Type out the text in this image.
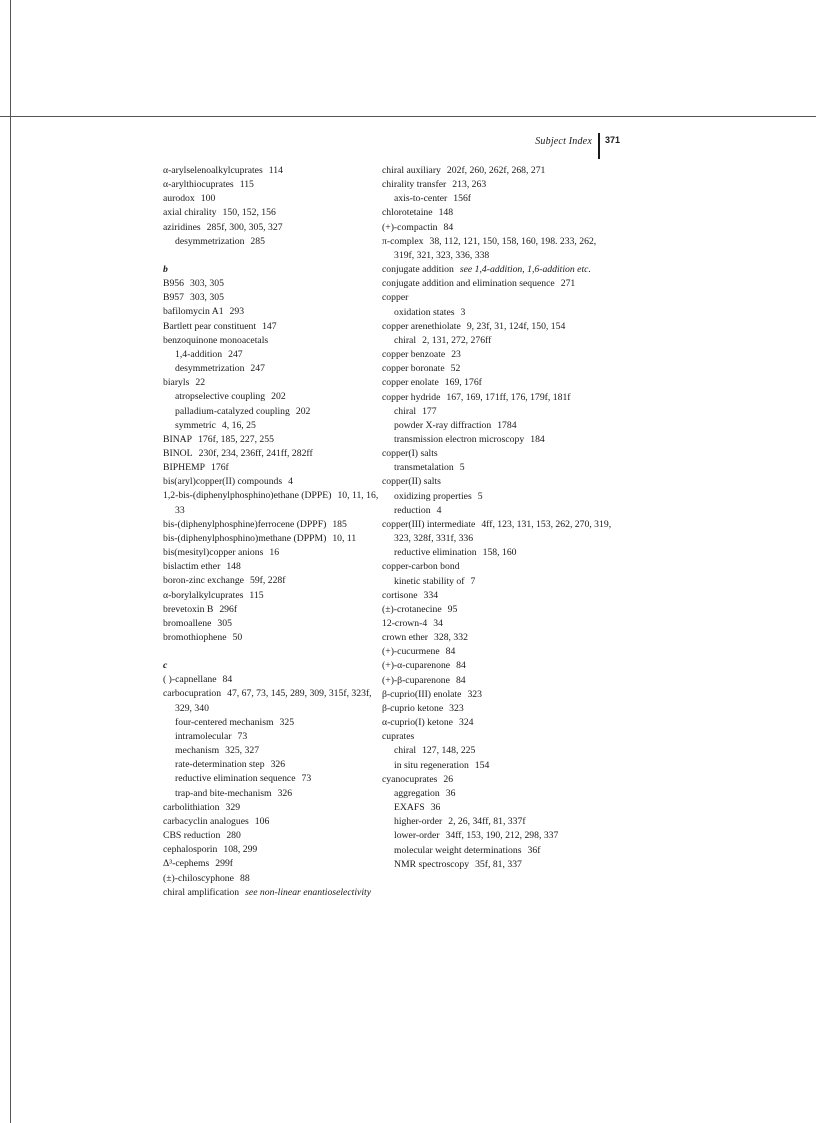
Subject Index 371
α-arylselenoalkylcuprates 114
α-arylthiocuprates 115
aurodox 100
axial chirality 150, 152, 156
aziridines 285f, 300, 305, 327
desymmetrization 285
b
B956 303, 305
B957 303, 305
bafilomycin A1 293
Bartlett pear constituent 147
benzoquinone monoacetals
1,4-addition 247
desymmetrization 247
biaryls 22
atropselective coupling 202
palladium-catalyzed coupling 202
symmetric 4, 16, 25
BINAP 176f, 185, 227, 255
BINOL 230f, 234, 236ff, 241ff, 282ff
BIPHEMP 176f
bis(aryl)copper(II) compounds 4
1,2-bis-(diphenylphosphino)ethane (DPPE) 10, 11, 16, 33
bis-(diphenylphosphine)ferrocene (DPPF) 185
bis-(diphenylphosphino)methane (DPPM) 10, 11
bis(mesityl)copper anions 16
bislactim ether 148
boron-zinc exchange 59f, 228f
α-borylalkylcuprates 115
brevetoxin B 296f
bromoallene 305
bromothiophene 50
c
( )-capnellane 84
carbocupration 47, 67, 73, 145, 289, 309, 315f, 323f, 329, 340
four-centered mechanism 325
intramolecular 73
mechanism 325, 327
rate-determination step 326
reductive elimination sequence 73
trap-and bite-mechanism 326
carbolithiation 329
carbacyclin analogues 106
CBS reduction 280
cephalosporin 108, 299
Δ³-cephems 299f
(±)-chiloscyphone 88
chiral amplification see non-linear enantioselectivity
chiral auxiliary 202f, 260, 262f, 268, 271
chirality transfer 213, 263
axis-to-center 156f
chlorotetaine 148
(+)-compactin 84
π-complex 38, 112, 121, 150, 158, 160, 198. 233, 262, 319f, 321, 323, 336, 338
conjugate addition see 1,4-addition, 1,6-addition etc.
conjugate addition and elimination sequence 271
copper
oxidation states 3
copper arenethiolate 9, 23f, 31, 124f, 150, 154
chiral 2, 131, 272, 276ff
copper benzoate 23
copper boronate 52
copper enolate 169, 176f
copper hydride 167, 169, 171ff, 176, 179f, 181f
chiral 177
powder X-ray diffraction 1784
transmission electron microscopy 184
copper(I) salts
transmetalation 5
copper(II) salts
oxidizing properties 5
reduction 4
copper(III) intermediate 4ff, 123, 131, 153, 262, 270, 319, 323, 328f, 331f, 336
reductive elimination 158, 160
copper-carbon bond
kinetic stability of 7
cortisone 334
(±)-crotanecine 95
12-crown-4 34
crown ether 328, 332
(+)-cucurmene 84
(+)-α-cuparenone 84
(+)-β-cuparenone 84
β-cuprio(III) enolate 323
β-cuprio ketone 323
α-cuprio(I) ketone 324
cuprates
chiral 127, 148, 225
in situ regeneration 154
cyanocuprates 26
aggregation 36
EXAFS 36
higher-order 2, 26, 34ff, 81, 337f
lower-order 34ff, 153, 190, 212, 298, 337
molecular weight determinations 36f
NMR spectroscopy 35f, 81, 337
